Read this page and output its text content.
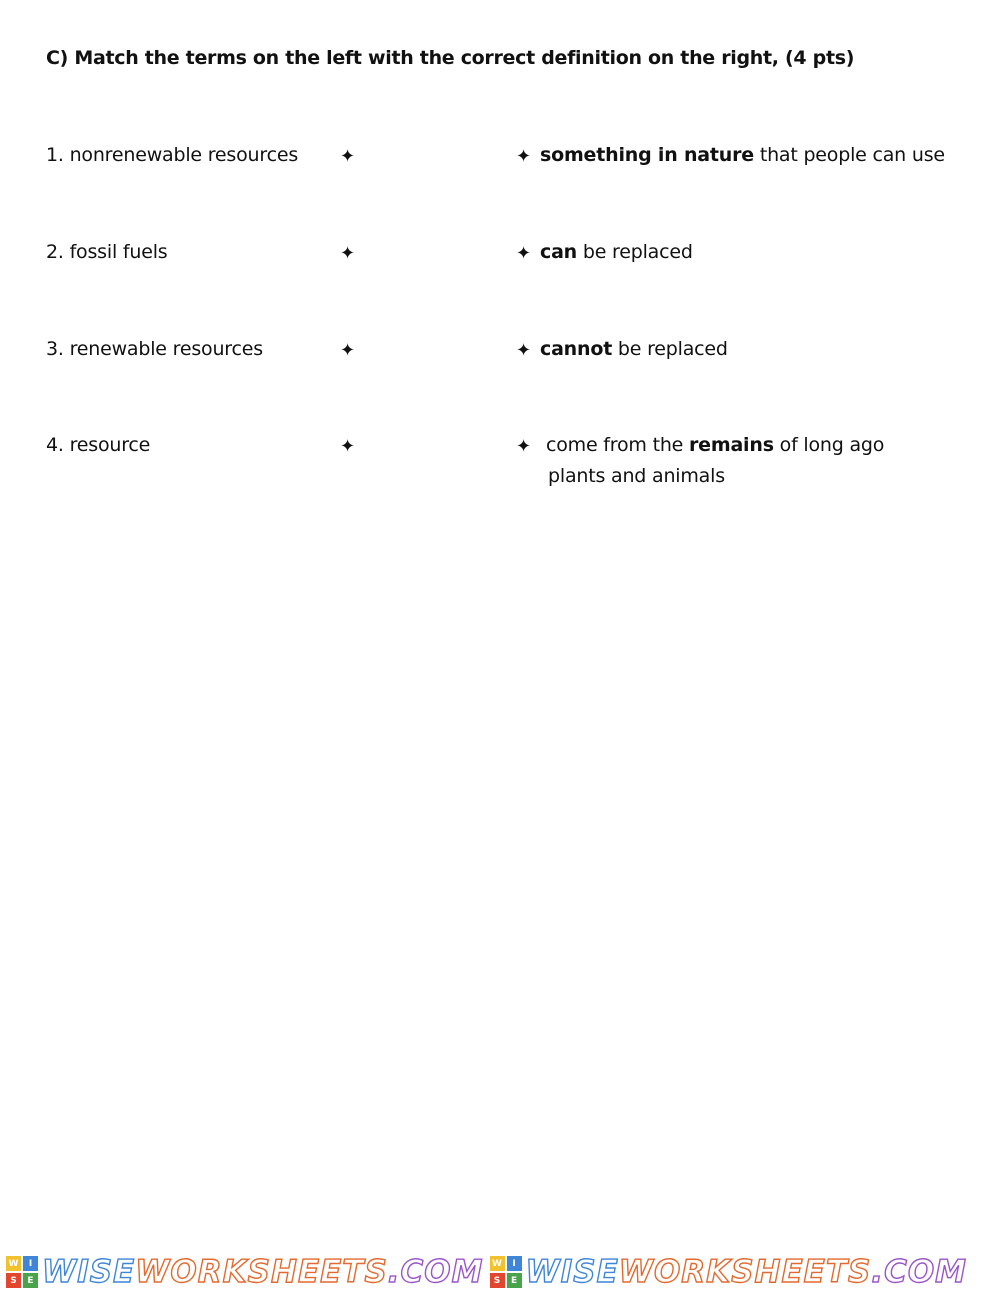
C) Match the terms on the left with the correct definition on the right, (4 pts)
1. nonrenewable resources ✦	✦ something in nature that people can use
2. fossil fuels	✦	✦ can be replaced
3. renewable resources	✦	✦ cannot be replaced
4. resource	✦	✦ come from the remains of long ago
plants and animals
W	I
S	E WISEWORKSHEETS.COM W	I
S	E WISEWORKSHEETS.COM
